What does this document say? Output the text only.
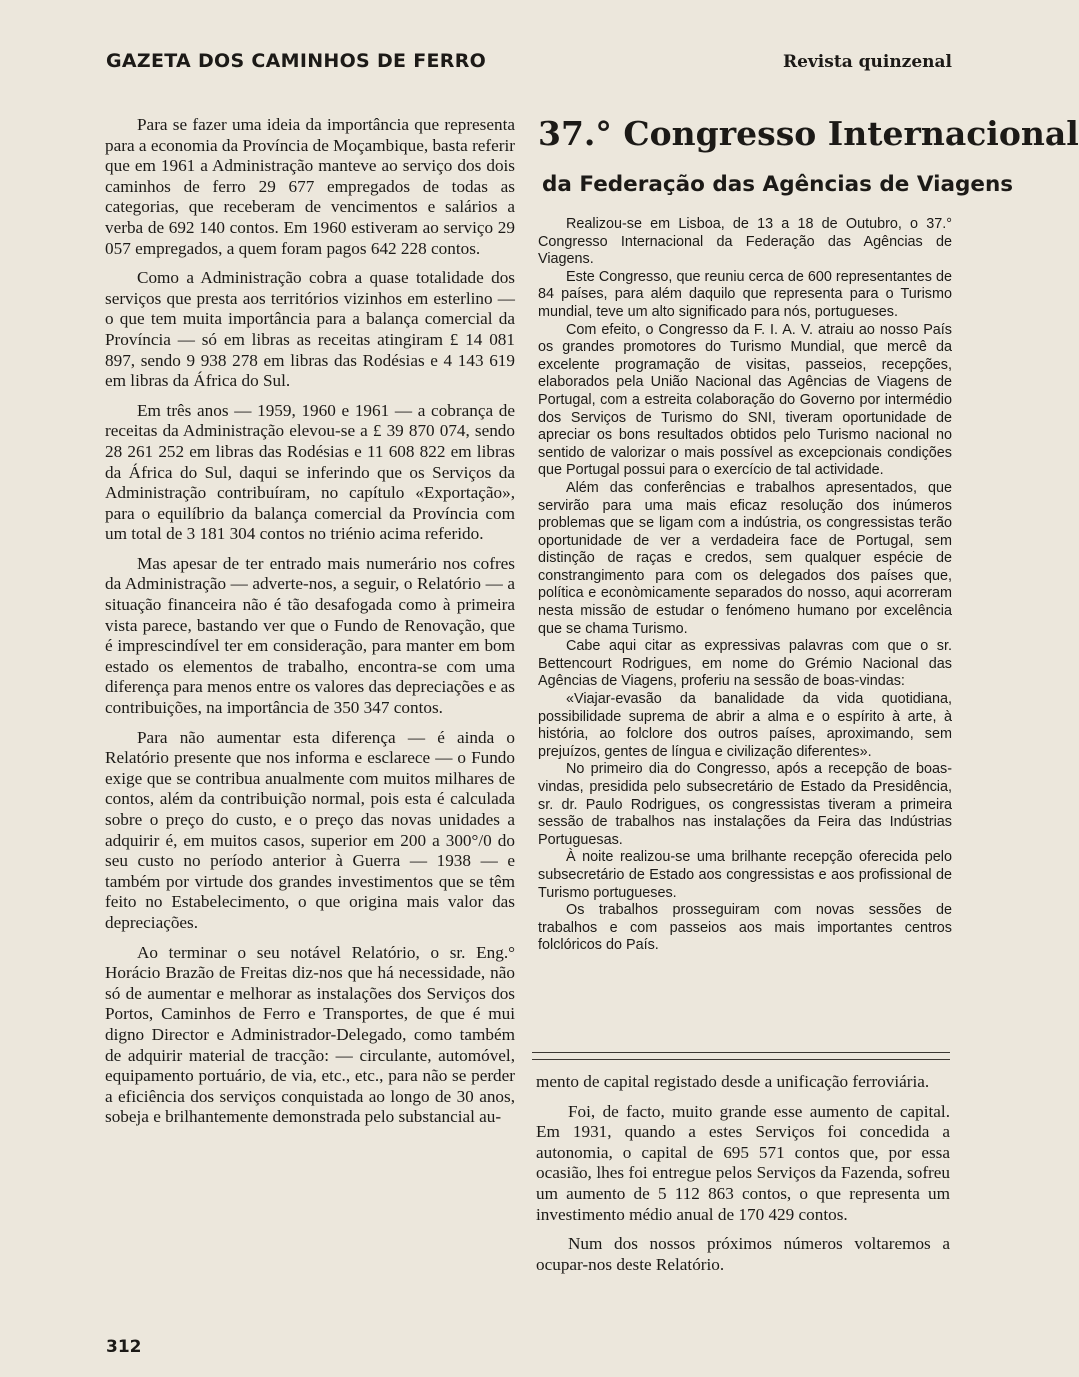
GAZETA DOS CAMINHOS DE FERRO	Revista quinzenal

Para se fazer uma ideia da importância que representa para a economia da Província de Moçambique, basta referir que em 1961 a Administração manteve ao serviço dos dois caminhos de ferro 29 677 empregados de todas as categorias, que receberam de vencimentos e salários a verba de 692 140 contos. Em 1960 estiveram ao serviço 29 057 empregados, a quem foram pagos 642 228 contos.

Como a Administração cobra a quase totalidade dos serviços que presta aos territórios vizinhos em esterlino — o que tem muita importância para a balança comercial da Província — só em libras as receitas atingiram £ 14 081 897, sendo 9 938 278 em libras das Rodésias e 4 143 619 em libras da África do Sul.

Em três anos — 1959, 1960 e 1961 — a cobrança de receitas da Administração elevou-se a £ 39 870 074, sendo 28 261 252 em libras das Rodésias e 11 608 822 em libras da África do Sul, daqui se inferindo que os Serviços da Administração contribuíram, no capítulo «Exportação», para o equilíbrio da balança comercial da Província com um total de 3 181 304 contos no triénio acima referido.

Mas apesar de ter entrado mais numerário nos cofres da Administração — adverte-nos, a seguir, o Relatório — a situação financeira não é tão desafogada como à primeira vista parece, bastando ver que o Fundo de Renovação, que é imprescindível ter em consideração, para manter em bom estado os elementos de trabalho, encontra-se com uma diferença para menos entre os valores das depreciações e as contribuições, na importância de 350 347 contos.

Para não aumentar esta diferença — é ainda o Relatório presente que nos informa e esclarece — o Fundo exige que se contribua anualmente com muitos milhares de contos, além da contribuição normal, pois esta é calculada sobre o preço do custo, e o preço das novas unidades a adquirir é, em muitos casos, superior em 200 a 300°/0 do seu custo no período anterior à Guerra — 1938 — e também por virtude dos grandes investimentos que se têm feito no Estabelecimento, o que origina mais valor das depreciações.

Ao terminar o seu notável Relatório, o sr. Eng.° Horácio Brazão de Freitas diz-nos que há necessidade, não só de aumentar e melhorar as instalações dos Serviços dos Portos, Caminhos de Ferro e Transportes, de que é mui digno Director e Administrador-Delegado, como também de adquirir material de tracção: — circulante, automóvel, equipamento portuário, de via, etc., etc., para não se perder a eficiência dos serviços conquistada ao longo de 30 anos, sobeja e brilhantemente demonstrada pelo substancial au-

37.° Congresso Internacional
da Federação das Agências de Viagens

Realizou-se em Lisboa, de 13 a 18 de Outubro, o 37.° Congresso Internacional da Federação das Agências de Viagens.

Este Congresso, que reuniu cerca de 600 representantes de 84 países, para além daquilo que representa para o Turismo mundial, teve um alto significado para nós, portugueses.

Com efeito, o Congresso da F. I. A. V. atraiu ao nosso País os grandes promotores do Turismo Mundial, que mercê da excelente programação de visitas, passeios, recepções, elaborados pela União Nacional das Agências de Viagens de Portugal, com a estreita colaboração do Governo por intermédio dos Serviços de Turismo do SNI, tiveram oportunidade de apreciar os bons resultados obtidos pelo Turismo nacional no sentido de valorizar o mais possível as excepcionais condições que Portugal possui para o exercício de tal actividade.

Além das conferências e trabalhos apresentados, que servirão para uma mais eficaz resolução dos inúmeros problemas que se ligam com a indústria, os congressistas terão oportunidade de ver a verdadeira face de Portugal, sem distinção de raças e credos, sem qualquer espécie de constrangimento para com os delegados dos países que, política e econòmicamente separados do nosso, aqui acorreram nesta missão de estudar o fenómeno humano por excelência que se chama Turismo.

Cabe aqui citar as expressivas palavras com que o sr. Bettencourt Rodrigues, em nome do Grémio Nacional das Agências de Viagens, proferiu na sessão de boas-vindas:

«Viajar-evasão da banalidade da vida quotidiana, possibilidade suprema de abrir a alma e o espírito à arte, à história, ao folclore dos outros países, aproximando, sem prejuízos, gentes de língua e civilização diferentes».

No primeiro dia do Congresso, após a recepção de boas-vindas, presidida pelo subsecretário de Estado da Presidência, sr. dr. Paulo Rodrigues, os congressistas tiveram a primeira sessão de trabalhos nas instalações da Feira das Indústrias Portuguesas.

À noite realizou-se uma brilhante recepção oferecida pelo subsecretário de Estado aos congressistas e aos profissional de Turismo portugueses.

Os trabalhos prosseguiram com novas sessões de trabalhos e com passeios aos mais importantes centros folclóricos do País.

mento de capital registado desde a unificação ferroviária.

Foi, de facto, muito grande esse aumento de capital. Em 1931, quando a estes Serviços foi concedida a autonomia, o capital de 695 571 contos que, por essa ocasião, lhes foi entregue pelos Serviços da Fazenda, sofreu um aumento de 5 112 863 contos, o que representa um investimento médio anual de 170 429 contos.

Num dos nossos próximos números voltaremos a ocupar-nos deste Relatório.

312
